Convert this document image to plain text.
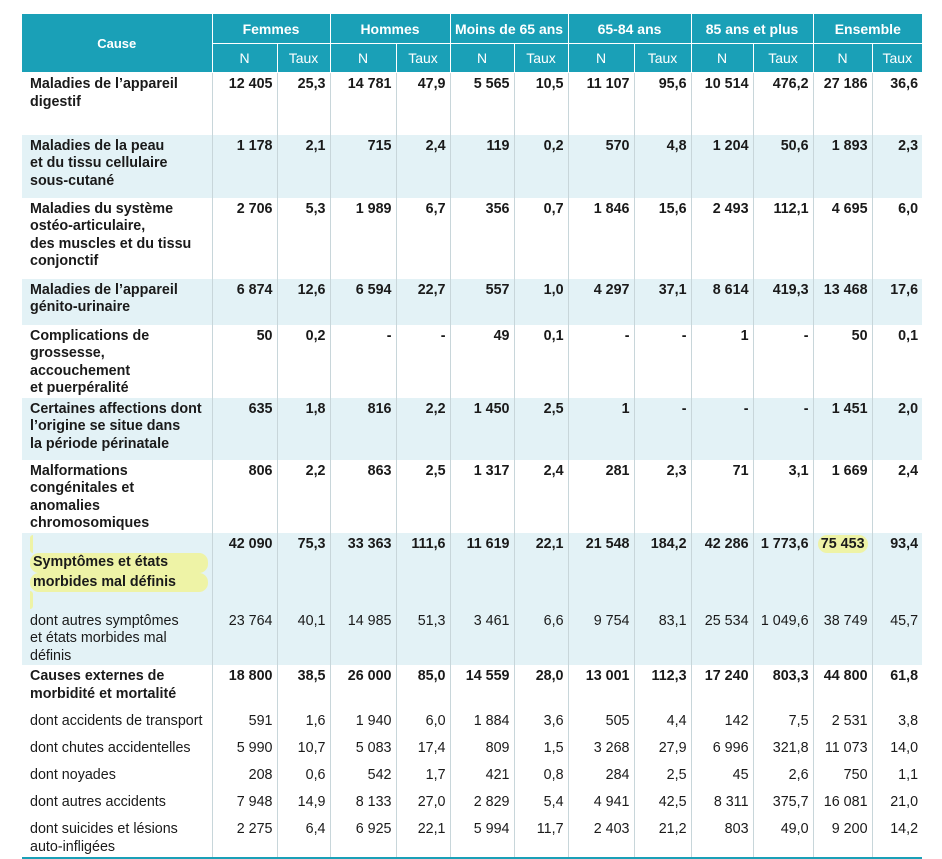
Cause	Femmes		Hommes		Moins de 65 ans		65-84 ans		85 ans et plus		Ensemble	
	N	Taux	N	Taux	N	Taux	N	Taux	N	Taux	N	Taux

Maladies de l’appareil
digestif	12 405	25,3	14 781	47,9	5 565	10,5	11 107	95,6	10 514	476,2	27 186	36,6

Maladies de la peau
et du tissu cellulaire
sous-cutané	1 178	2,1	715	2,4	119	0,2	570	4,8	1 204	50,6	1 893	2,3

Maladies du système
ostéo-articulaire,
des muscles et du tissu
conjonctif	2 706	5,3	1 989	6,7	356	0,7	1 846	15,6	2 493	112,1	4 695	6,0

Maladies de l’appareil
génito-urinaire	6 874	12,6	6 594	22,7	557	1,0	4 297	37,1	8 614	419,3	13 468	17,6

Complications de
grossesse, accouchement
et puerpéralité	50	0,2	-	-	49	0,1	-	-	1	-	50	0,1

Certaines affections dont
l’origine se situe dans
la période périnatale	635	1,8	816	2,2	1 450	2,5	1	-	-	-	1 451	2,0

Malformations
congénitales et anomalies
chromosomiques	806	2,2	863	2,5	1 317	2,4	281	2,3	71	3,1	1 669	2,4

Symptômes et états
morbides mal définis	42 090	75,3	33 363	111,6	11 619	22,1	21 548	184,2	42 286	1 773,6	75 453	93,4

dont autres symptômes
et états morbides mal définis	23 764	40,1	14 985	51,3	3 461	6,6	9 754	83,1	25 534	1 049,6	38 749	45,7

Causes externes de
morbidité et mortalité	18 800	38,5	26 000	85,0	14 559	28,0	13 001	112,3	17 240	803,3	44 800	61,8

dont accidents de transport	591	1,6	1 940	6,0	1 884	3,6	505	4,4	142	7,5	2 531	3,8

dont chutes accidentelles	5 990	10,7	5 083	17,4	809	1,5	3 268	27,9	6 996	321,8	11 073	14,0

dont noyades	208	0,6	542	1,7	421	0,8	284	2,5	45	2,6	750	1,1

dont autres accidents	7 948	14,9	8 133	27,0	2 829	5,4	4 941	42,5	8 311	375,7	16 081	21,0

dont suicides et lésions
auto-infligées	2 275	6,4	6 925	22,1	5 994	11,7	2 403	21,2	803	49,0	9 200	14,2
